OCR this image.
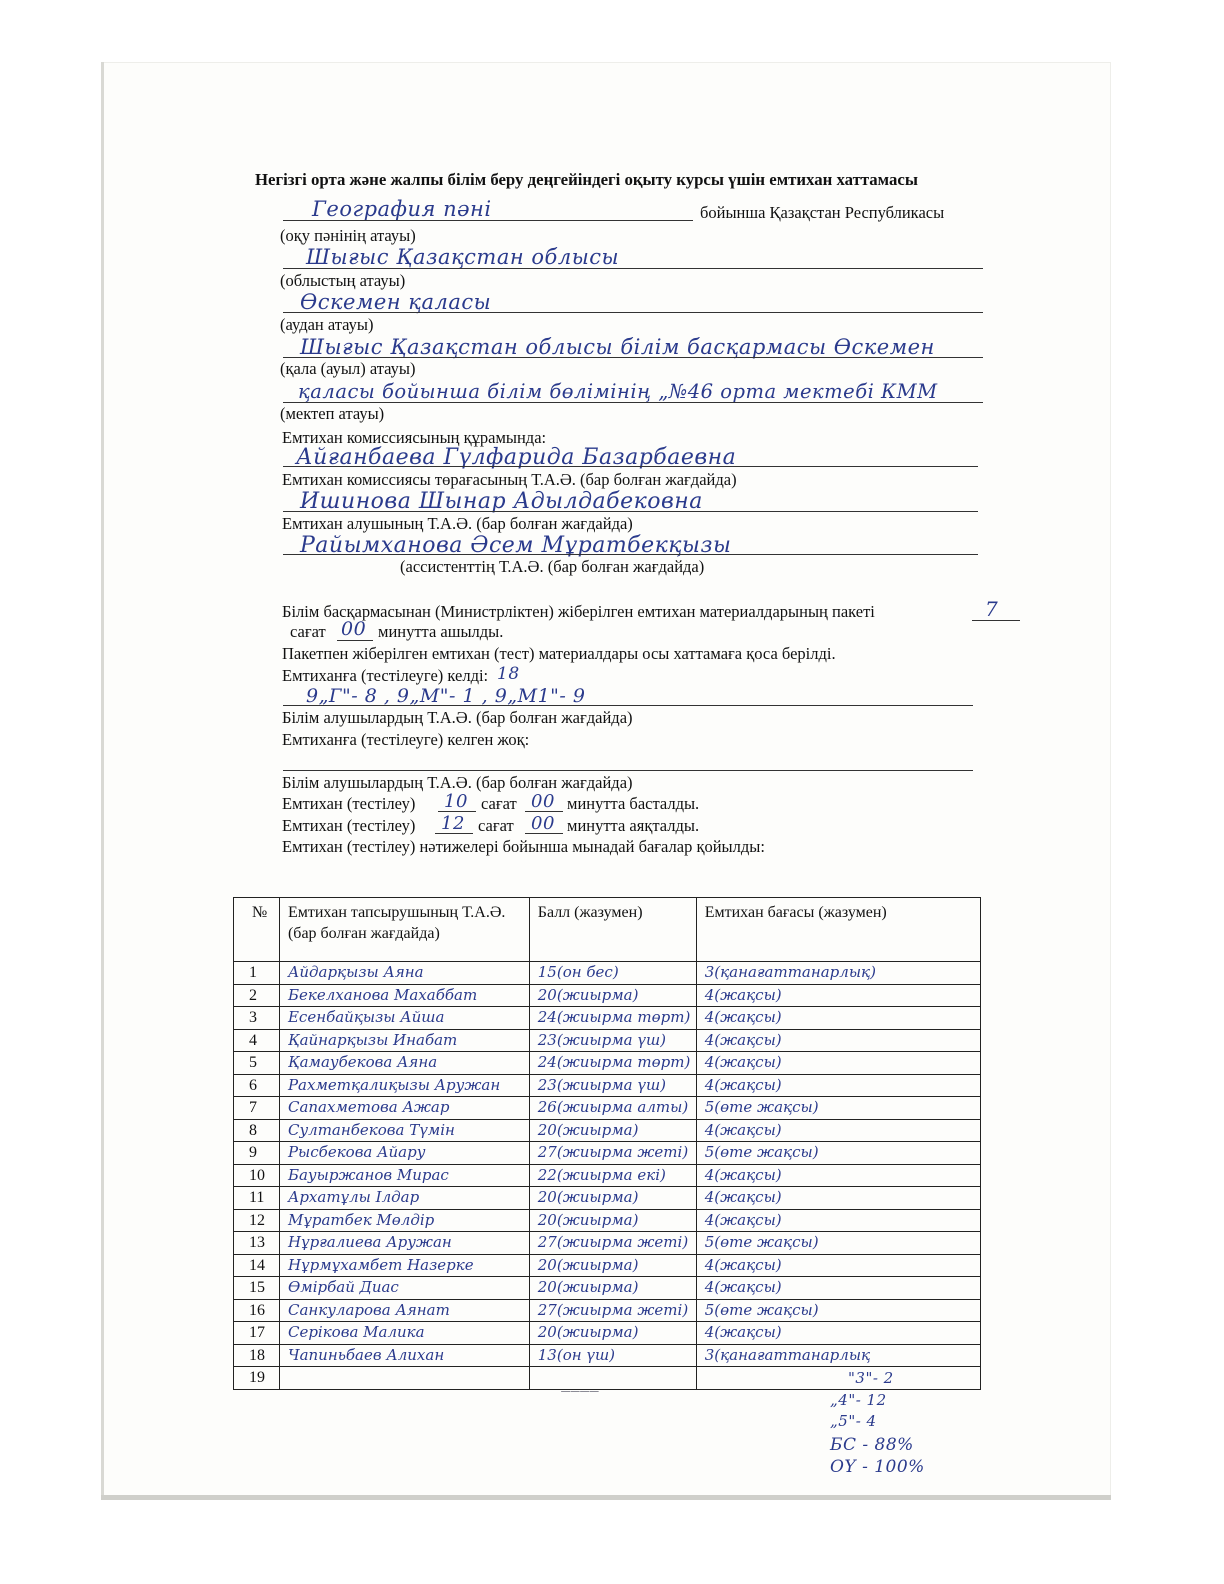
Негізгі орта және жалпы білім беру деңгейіндегі оқыту курсы үшін емтихан хаттамасы
География пәні	бойынша Қазақстан Республикасы
(оқу пәнінің атауы)
Шығыс Қазақстан облысы
(облыстың атауы)
Өскемен қаласы
(аудан атауы)
Шығыс Қазақстан облысы білім басқармасы Өскемен
(қала (ауыл) атауы)
қаласы бойынша білім бөлімінің „№46 орта мектебі КММ
(мектеп атауы)
Емтихан комиссиясының құрамында:
Айғанбаева Гүлфарида Базарбаевна
Емтихан комиссиясы төрағасының Т.А.Ә. (бар болған жағдайда)
Ишинова Шынар Адылдабековна
Емтихан алушының Т.А.Ә. (бар болған жағдайда)
Райымханова Әсем Мұратбекқызы
(ассистенттің Т.А.Ә. (бар болған жағдайда)
Білім басқармасынан (Министрліктен) жіберілген емтихан материалдарының пакеті	7
сағат 00 минутта ашылды.
Пакетпен жіберілген емтихан (тест) материалдары осы хаттамаға қоса берілді.
Емтиханға (тестілеуге) келді: 18
9„Г"- 8 , 9„М"- 1 , 9„М1"- 9
Білім алушылардың Т.А.Ә. (бар болған жағдайда)
Емтиханға (тестілеуге) келген жоқ:
Білім алушылардың Т.А.Ә. (бар болған жағдайда)
Емтихан (тестілеу) 10 сағат 00 минутта басталды.
Емтихан (тестілеу) 12 сағат 00 минутта аяқталды.
Емтихан (тестілеу) нәтижелері бойынша мынадай бағалар қойылды:
№	Емтихан тапсырушының Т.А.Ә. (бар болған жағдайда)	Балл (жазумен)	Емтихан бағасы (жазумен)
1	Айдарқызы Аяна	15(он бес)	3(қанағаттанарлық)

2	Бекелханова Махаббат	20(жиырма)	4(жақсы)

3	Есенбайқызы Айша	24(жиырма төрт)	4(жақсы)

4	Қайнарқызы Инабат	23(жиырма үш)	4(жақсы)

5	Қамаубекова Аяна	24(жиырма төрт)	4(жақсы)

6	Рахметқалиқызы Аружан	23(жиырма үш)	4(жақсы)

7	Сапахметова Ажар	26(жиырма алты)	5(өте жақсы)

8	Султанбекова Түмін	20(жиырма)	4(жақсы)

9	Рысбекова Айару	27(жиырма жеті)	5(өте жақсы)

10	Бауыржанов Мирас	22(жиырма екі)	4(жақсы)

11	Архатұлы Ілдар	20(жиырма)	4(жақсы)

12	Мұратбек Мөлдiр	20(жиырма)	4(жақсы)

13	Нұрғалиева Аружан	27(жиырма жеті)	5(өте жақсы)

14	Нұрмұхамбет Назерке	20(жиырма)	4(жақсы)

15	Өмірбай Диас	20(жиырма)	4(жақсы)

16	Санкуларова Аянат	27(жиырма жеті)	5(өте жақсы)

17	Серікова Малика	20(жиырма)	4(жақсы)

18	Чапиньбаев Алихан	13(он үш)	3(қанағаттанарлық

19	

⎯⎯⎯⎯
"3"- 2
„4"- 12
„5"- 4
БС - 88%
ОҮ - 100%
